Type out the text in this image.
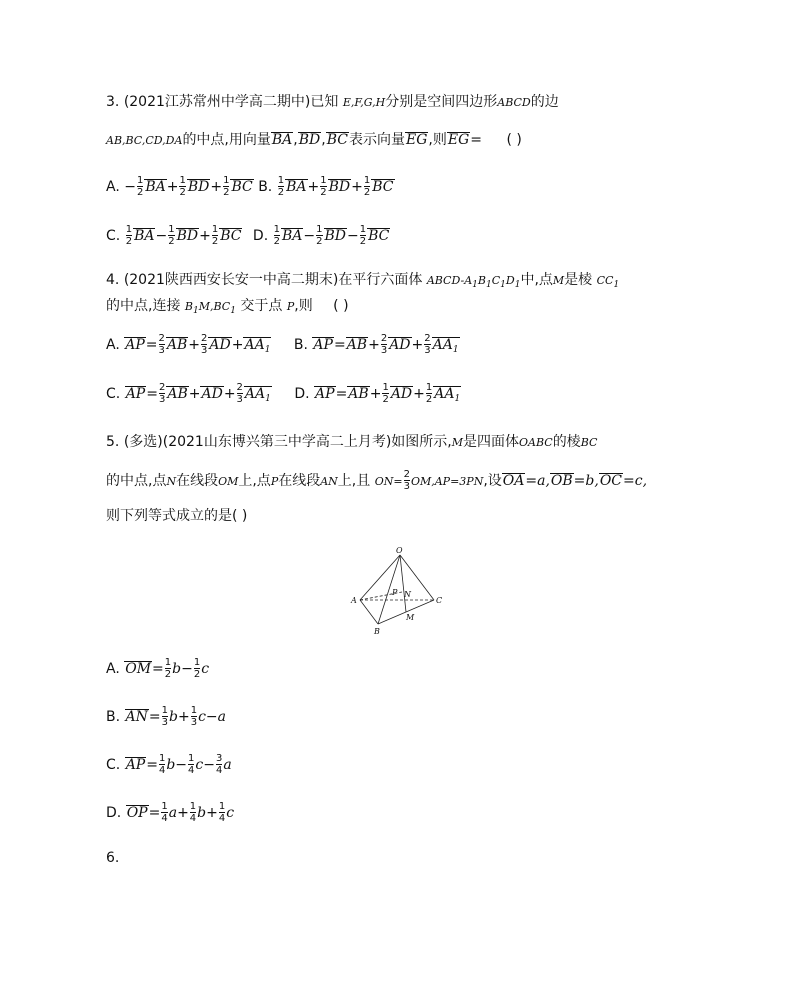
3. (2021江苏常州中学高二期中)已知 E,F,G,H分别是空间四边形ABCD的边
AB,BC,CD,DA的中点,用向量BA,BD,BC表示向量EG,则EG= ( )
A. − $\frac{1}{2} BA+ \frac{1}{2} BD+ \frac{1}{2}$ BC B. $\frac{1}{2} BA+ \frac{1}{2} BD+ \frac{1}{2}$ BC
C. $\frac{1}{2} BA- \frac{1}{2} BD+ \frac{1}{2}$ BC D. $\frac{1}{2} BA- \frac{1}{2} BD- \frac{1}{2}$ BC
4. (2021陕西西安长安一中高二期末)在平行六面体 ABCD-$A_1B_1C_1D_1$中,点M是棱 $CC_1$
的中点,连接 $B_1M,BC_1$ 交于点 P,则 ( )
A. $AP= \frac{2}{3} AB+ \frac{2}{3} AD+AA_1$ B. $AP=AB+ \frac{2}{3} AD+ \frac{2}{3} AA_1$
C. $AP= \frac{2}{3} AB+AD+ \frac{2}{3} AA_1$ D. $AP=AB+ \frac{1}{2} AD+ \frac{1}{2} AA_1$
5. (多选)(2021山东博兴第三中学高二上月考)如图所示,M是四面体OABC的棱BC
的中点,点N在线段OM上,点P在线段AN上,且 $ON= \frac{2}{3} OM,AP=3PN$,设OA=a,OB=b,OC=c,
则下列等式成立的是( )
O
A
P N
C
M
B
A. $OM= \frac{1}{2} b- \frac{1}{2}$ c
B. $AN= \frac{1}{3} b+ \frac{1}{3} c-a$
C. $AP= \frac{1}{4} b- \frac{1}{4} c- \frac{3}{4}$ a
D. $OP= \frac{1}{4} a+ \frac{1}{4} b+ \frac{1}{4}$ c
6.
